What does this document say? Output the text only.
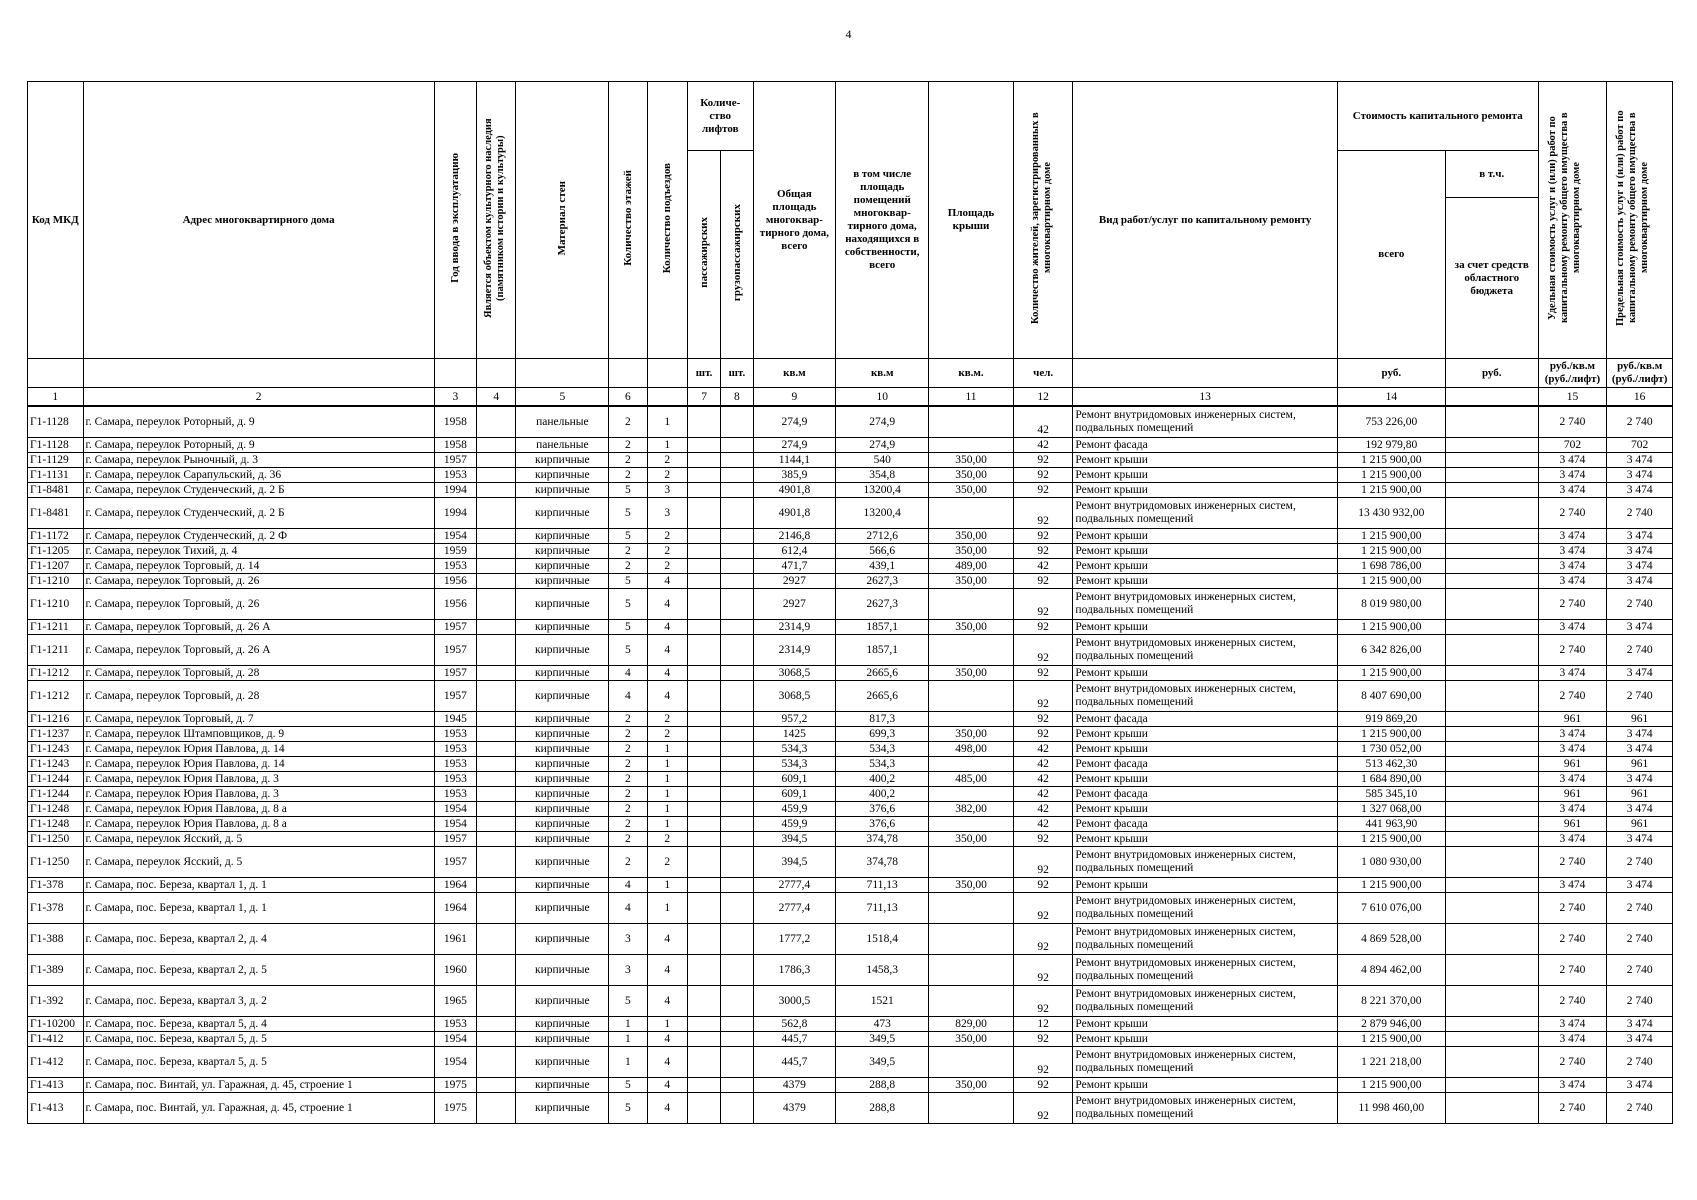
4
Код МКД	Адрес многоквартирного дома	Год ввода в эксплуатацию	Является объектом культурного наследия (памятником истории и культуры)	Материал стен	Количество этажей	Количество подъездов	Количе-ство лифтов		Общая площадь многоквар-тирного дома, всего	в том числе площадь помещений многоквар-тирного дома, находящихся в собственности, всего	Площадь крыши	Количество жителей, зарегистрированных в многоквартирном доме	Вид работ/услуг по капитальному ремонту	Стоимость капитального ремонта		Удельная стоимость услуг и (или) работ по капитальному ремонту общего имущества в многоквартирном доме	Предельная стоимость услуг и (или) работ по капитальному ремонту общего имущества в многоквартирном доме
							пассажирских	грузопассажирских						всего	в т.ч.		
															за счет средств областного бюджета		
							шт.	шт.	кв.м	кв.м	кв.м.	чел.		руб.	руб.	руб./кв.м (руб./лифт)	руб./кв.м (руб./лифт)
1	2	3	4	5	6		7	8	9	10	11	12	13	14		15	16
Г1-1128	г. Самара, переулок Роторный, д. 9	1958		панельные	2	1			274,9	274,9		42	Ремонт внутридомовых инженерных систем, подвальных помещений	753 226,00		2 740	2 740
Г1-1128	г. Самара, переулок Роторный, д. 9	1958		панельные	2	1			274,9	274,9		42	Ремонт фасада	192 979,80		702	702
Г1-1129	г. Самара, переулок Рыночный, д. 3	1957		кирпичные	2	2			1144,1	540	350,00	92	Ремонт крыши	1 215 900,00		3 474	3 474
Г1-1131	г. Самара, переулок Сарапульский, д. 36	1953		кирпичные	2	2			385,9	354,8	350,00	92	Ремонт крыши	1 215 900,00		3 474	3 474
Г1-8481	г. Самара, переулок Студенческий, д. 2 Б	1994		кирпичные	5	3			4901,8	13200,4	350,00	92	Ремонт крыши	1 215 900,00		3 474	3 474
Г1-8481	г. Самара, переулок Студенческий, д. 2 Б	1994		кирпичные	5	3			4901,8	13200,4		92	Ремонт внутридомовых инженерных систем, подвальных помещений	13 430 932,00		2 740	2 740
Г1-1172	г. Самара, переулок Студенческий, д. 2 Ф	1954		кирпичные	5	2			2146,8	2712,6	350,00	92	Ремонт крыши	1 215 900,00		3 474	3 474
Г1-1205	г. Самара, переулок Тихий, д. 4	1959		кирпичные	2	2			612,4	566,6	350,00	92	Ремонт крыши	1 215 900,00		3 474	3 474
Г1-1207	г. Самара, переулок Торговый, д. 14	1953		кирпичные	2	2			471,7	439,1	489,00	42	Ремонт крыши	1 698 786,00		3 474	3 474
Г1-1210	г. Самара, переулок Торговый, д. 26	1956		кирпичные	5	4			2927	2627,3	350,00	92	Ремонт крыши	1 215 900,00		3 474	3 474
Г1-1210	г. Самара, переулок Торговый, д. 26	1956		кирпичные	5	4			2927	2627,3		92	Ремонт внутридомовых инженерных систем, подвальных помещений	8 019 980,00		2 740	2 740
Г1-1211	г. Самара, переулок Торговый, д. 26 А	1957		кирпичные	5	4			2314,9	1857,1	350,00	92	Ремонт крыши	1 215 900,00		3 474	3 474
Г1-1211	г. Самара, переулок Торговый, д. 26 А	1957		кирпичные	5	4			2314,9	1857,1		92	Ремонт внутридомовых инженерных систем, подвальных помещений	6 342 826,00		2 740	2 740
Г1-1212	г. Самара, переулок Торговый, д. 28	1957		кирпичные	4	4			3068,5	2665,6	350,00	92	Ремонт крыши	1 215 900,00		3 474	3 474
Г1-1212	г. Самара, переулок Торговый, д. 28	1957		кирпичные	4	4			3068,5	2665,6		92	Ремонт внутридомовых инженерных систем, подвальных помещений	8 407 690,00		2 740	2 740
Г1-1216	г. Самара, переулок Торговый, д. 7	1945		кирпичные	2	2			957,2	817,3		92	Ремонт фасада	919 869,20		961	961
Г1-1237	г. Самара, переулок Штамповщиков, д. 9	1953		кирпичные	2	2			1425	699,3	350,00	92	Ремонт крыши	1 215 900,00		3 474	3 474
Г1-1243	г. Самара, переулок Юрия Павлова, д. 14	1953		кирпичные	2	1			534,3	534,3	498,00	42	Ремонт крыши	1 730 052,00		3 474	3 474
Г1-1243	г. Самара, переулок Юрия Павлова, д. 14	1953		кирпичные	2	1			534,3	534,3		42	Ремонт фасада	513 462,30		961	961
Г1-1244	г. Самара, переулок Юрия Павлова, д. 3	1953		кирпичные	2	1			609,1	400,2	485,00	42	Ремонт крыши	1 684 890,00		3 474	3 474
Г1-1244	г. Самара, переулок Юрия Павлова, д. 3	1953		кирпичные	2	1			609,1	400,2		42	Ремонт фасада	585 345,10		961	961
Г1-1248	г. Самара, переулок Юрия Павлова, д. 8 а	1954		кирпичные	2	1			459,9	376,6	382,00	42	Ремонт крыши	1 327 068,00		3 474	3 474
Г1-1248	г. Самара, переулок Юрия Павлова, д. 8 а	1954		кирпичные	2	1			459,9	376,6		42	Ремонт фасада	441 963,90		961	961
Г1-1250	г. Самара, переулок Ясский, д. 5	1957		кирпичные	2	2			394,5	374,78	350,00	92	Ремонт крыши	1 215 900,00		3 474	3 474
Г1-1250	г. Самара, переулок Ясский, д. 5	1957		кирпичные	2	2			394,5	374,78		92	Ремонт внутридомовых инженерных систем, подвальных помещений	1 080 930,00		2 740	2 740
Г1-378	г. Самара, пос. Береза, квартал 1, д. 1	1964		кирпичные	4	1			2777,4	711,13	350,00	92	Ремонт крыши	1 215 900,00		3 474	3 474
Г1-378	г. Самара, пос. Береза, квартал 1, д. 1	1964		кирпичные	4	1			2777,4	711,13		92	Ремонт внутридомовых инженерных систем, подвальных помещений	7 610 076,00		2 740	2 740
Г1-388	г. Самара, пос. Береза, квартал 2, д. 4	1961		кирпичные	3	4			1777,2	1518,4		92	Ремонт внутридомовых инженерных систем, подвальных помещений	4 869 528,00		2 740	2 740
Г1-389	г. Самара, пос. Береза, квартал 2, д. 5	1960		кирпичные	3	4			1786,3	1458,3		92	Ремонт внутридомовых инженерных систем, подвальных помещений	4 894 462,00		2 740	2 740
Г1-392	г. Самара, пос. Береза, квартал 3, д. 2	1965		кирпичные	5	4			3000,5	1521		92	Ремонт внутридомовых инженерных систем, подвальных помещений	8 221 370,00		2 740	2 740
Г1-10200	г. Самара, пос. Береза, квартал 5, д. 4	1953		кирпичные	1	1			562,8	473	829,00	12	Ремонт крыши	2 879 946,00		3 474	3 474
Г1-412	г. Самара, пос. Береза, квартал 5, д. 5	1954		кирпичные	1	4			445,7	349,5	350,00	92	Ремонт крыши	1 215 900,00		3 474	3 474
Г1-412	г. Самара, пос. Береза, квартал 5, д. 5	1954		кирпичные	1	4			445,7	349,5		92	Ремонт внутридомовых инженерных систем, подвальных помещений	1 221 218,00		2 740	2 740
Г1-413	г. Самара, пос. Винтай, ул. Гаражная, д. 45, строение 1	1975		кирпичные	5	4			4379	288,8	350,00	92	Ремонт крыши	1 215 900,00		3 474	3 474
Г1-413	г. Самара, пос. Винтай, ул. Гаражная, д. 45, строение 1	1975		кирпичные	5	4			4379	288,8		92	Ремонт внутридомовых инженерных систем, подвальных помещений	11 998 460,00		2 740	2 740
